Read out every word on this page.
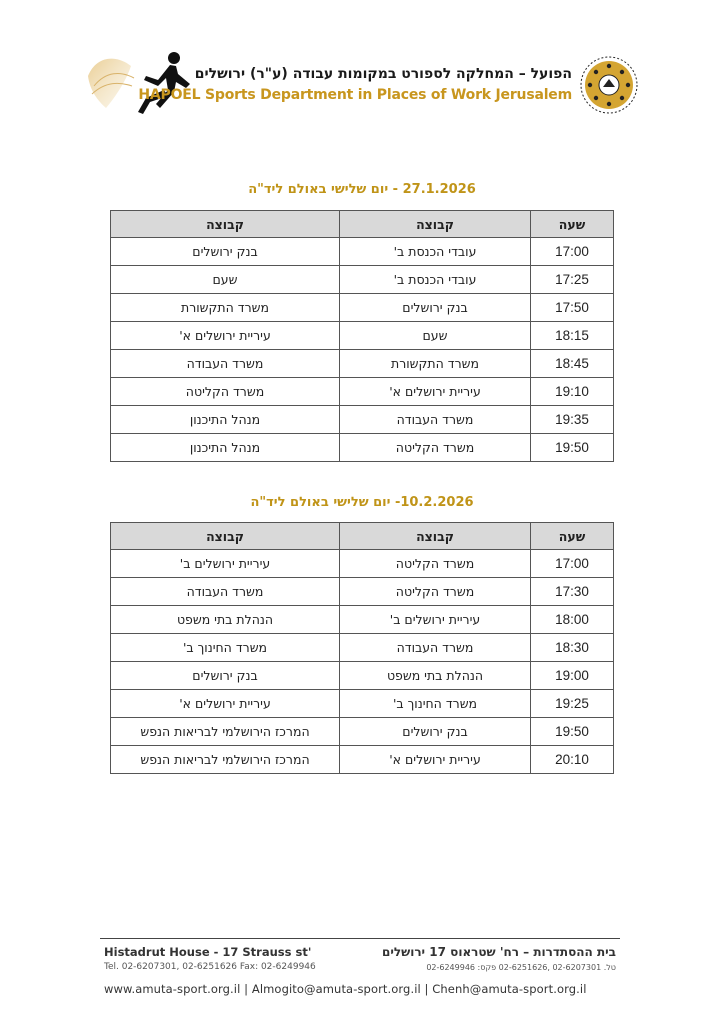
הפועל – המחלקה לספורט במקומות עבודה (ע"ר) ירושלים
HAPOEL Sports Department in Places of Work Jerusalem
27.1.2026 - יום שלישי באולם ליד"ה
שעה	קבוצה	קבוצה
17:00	עובדי הכנסת ב'	בנק ירושלים
17:25	עובדי הכנסת ב'	שעם
17:50	בנק ירושלים	משרד התקשורת
18:15	שעם	עיריית ירושלים א'
18:45	משרד התקשורת	משרד העבודה
19:10	עיריית ירושלים א'	משרד הקליטה
19:35	משרד העבודה	מנהל התיכנון
19:50	משרד הקליטה	מנהל התיכנון
10.2.2026- יום שלישי באולם ליד"ה
שעה	קבוצה	קבוצה
17:00	משרד הקליטה	עיריית ירושלים ב'
17:30	משרד הקליטה	משרד העבודה
18:00	עיריית ירושלים ב'	הנהלת בתי משפט
18:30	משרד העבודה	משרד החינוך ב'
19:00	הנהלת בתי משפט	בנק ירושלים
19:25	משרד החינוך ב'	עיריית ירושלים א'
19:50	בנק ירושלים	המרכז הירושלמי לבריאות הנפש
20:10	עיריית ירושלים א'	המרכז הירושלמי לבריאות הנפש
Histadrut House - 17 Strauss st'
Tel. 02-6207301, 02-6251626 Fax: 02-6249946
בית ההסתדרות – רח' שטראוס 17 ירושלים
טל. 02-6207301 ,02-6251626 פקס: 02-6249946
www.amuta-sport.org.il | Almogito@amuta-sport.org.il | Chenh@amuta-sport.org.il
